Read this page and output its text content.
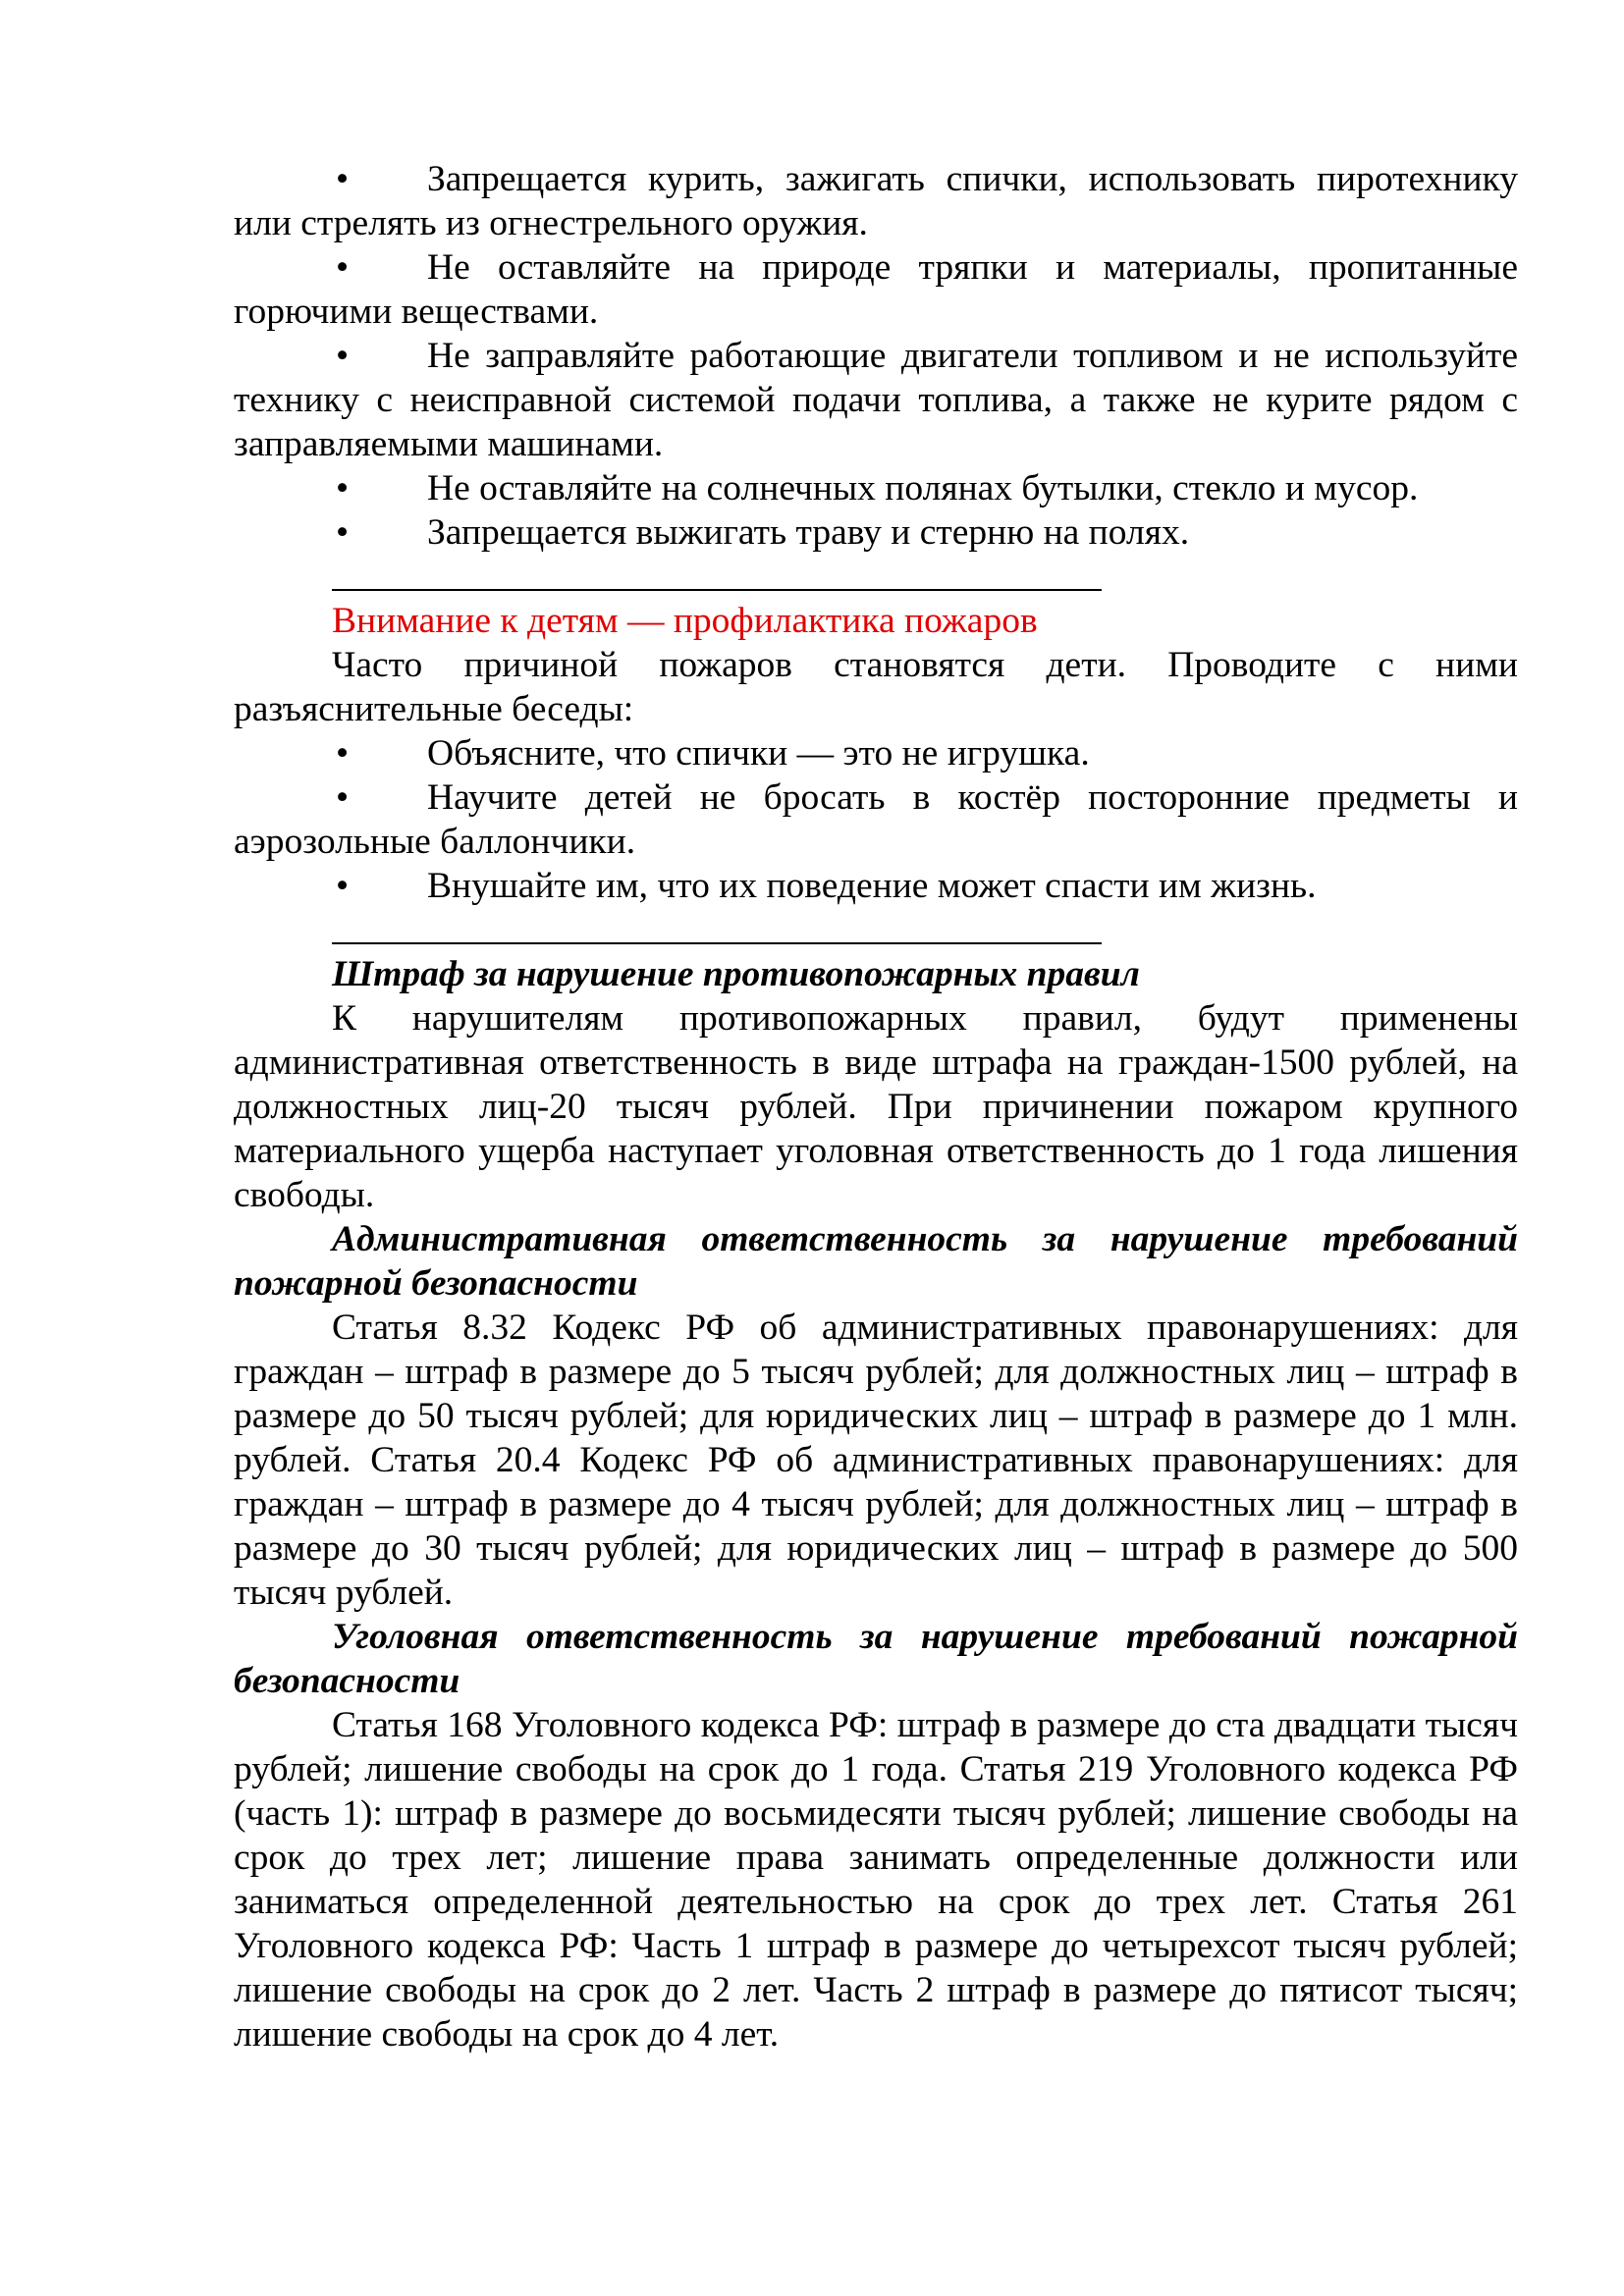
• Запрещается курить, зажигать спички, использовать пиротехнику или стрелять из огнестрельного оружия.

• Не оставляйте на природе тряпки и материалы, пропитанные горючими веществами.

• Не заправляйте работающие двигатели топливом и не используйте технику с неисправной системой подачи топлива, а также не курите рядом с заправляемыми машинами.

• Не оставляйте на солнечных полянах бутылки, стекло и мусор.

• Запрещается выжигать траву и стерню на полях.

Внимание к детям — профилактика пожаров

Часто причиной пожаров становятся дети. Проводите с ними разъяснительные беседы:

• Объясните, что спички — это не игрушка.

• Научите детей не бросать в костёр посторонние предметы и аэрозольные баллончики.

• Внушайте им, что их поведение может спасти им жизнь.

Штраф за нарушение противопожарных правил

К нарушителям противопожарных правил, будут применены административная ответственность в виде штрафа на граждан-1500 рублей, на должностных лиц-20 тысяч рублей. При причинении пожаром крупного материального ущерба наступает уголовная ответственность до 1 года лишения свободы.

Административная ответственность за нарушение требований пожарной безопасности

Статья 8.32 Кодекс РФ об административных правонарушениях: для граждан – штраф в размере до 5 тысяч рублей; для должностных лиц – штраф в размере до 50 тысяч рублей; для юридических лиц – штраф в размере до 1 млн. рублей. Статья 20.4 Кодекс РФ об административных правонарушениях: для граждан – штраф в размере до 4 тысяч рублей; для должностных лиц – штраф в размере до 30 тысяч рублей; для юридических лиц – штраф в размере до 500 тысяч рублей.

Уголовная ответственность за нарушение требований пожарной безопасности

Статья 168 Уголовного кодекса РФ: штраф в размере до ста двадцати тысяч рублей; лишение свободы на срок до 1 года. Статья 219 Уголовного кодекса РФ (часть 1): штраф в размере до восьмидесяти тысяч рублей; лишение свободы на срок до трех лет; лишение права занимать определенные должности или заниматься определенной деятельностью на срок до трех лет. Статья 261 Уголовного кодекса РФ: Часть 1 штраф в размере до четырехсот тысяч рублей; лишение свободы на срок до 2 лет. Часть 2 штраф в размере до пятисот тысяч; лишение свободы на срок до 4 лет.
